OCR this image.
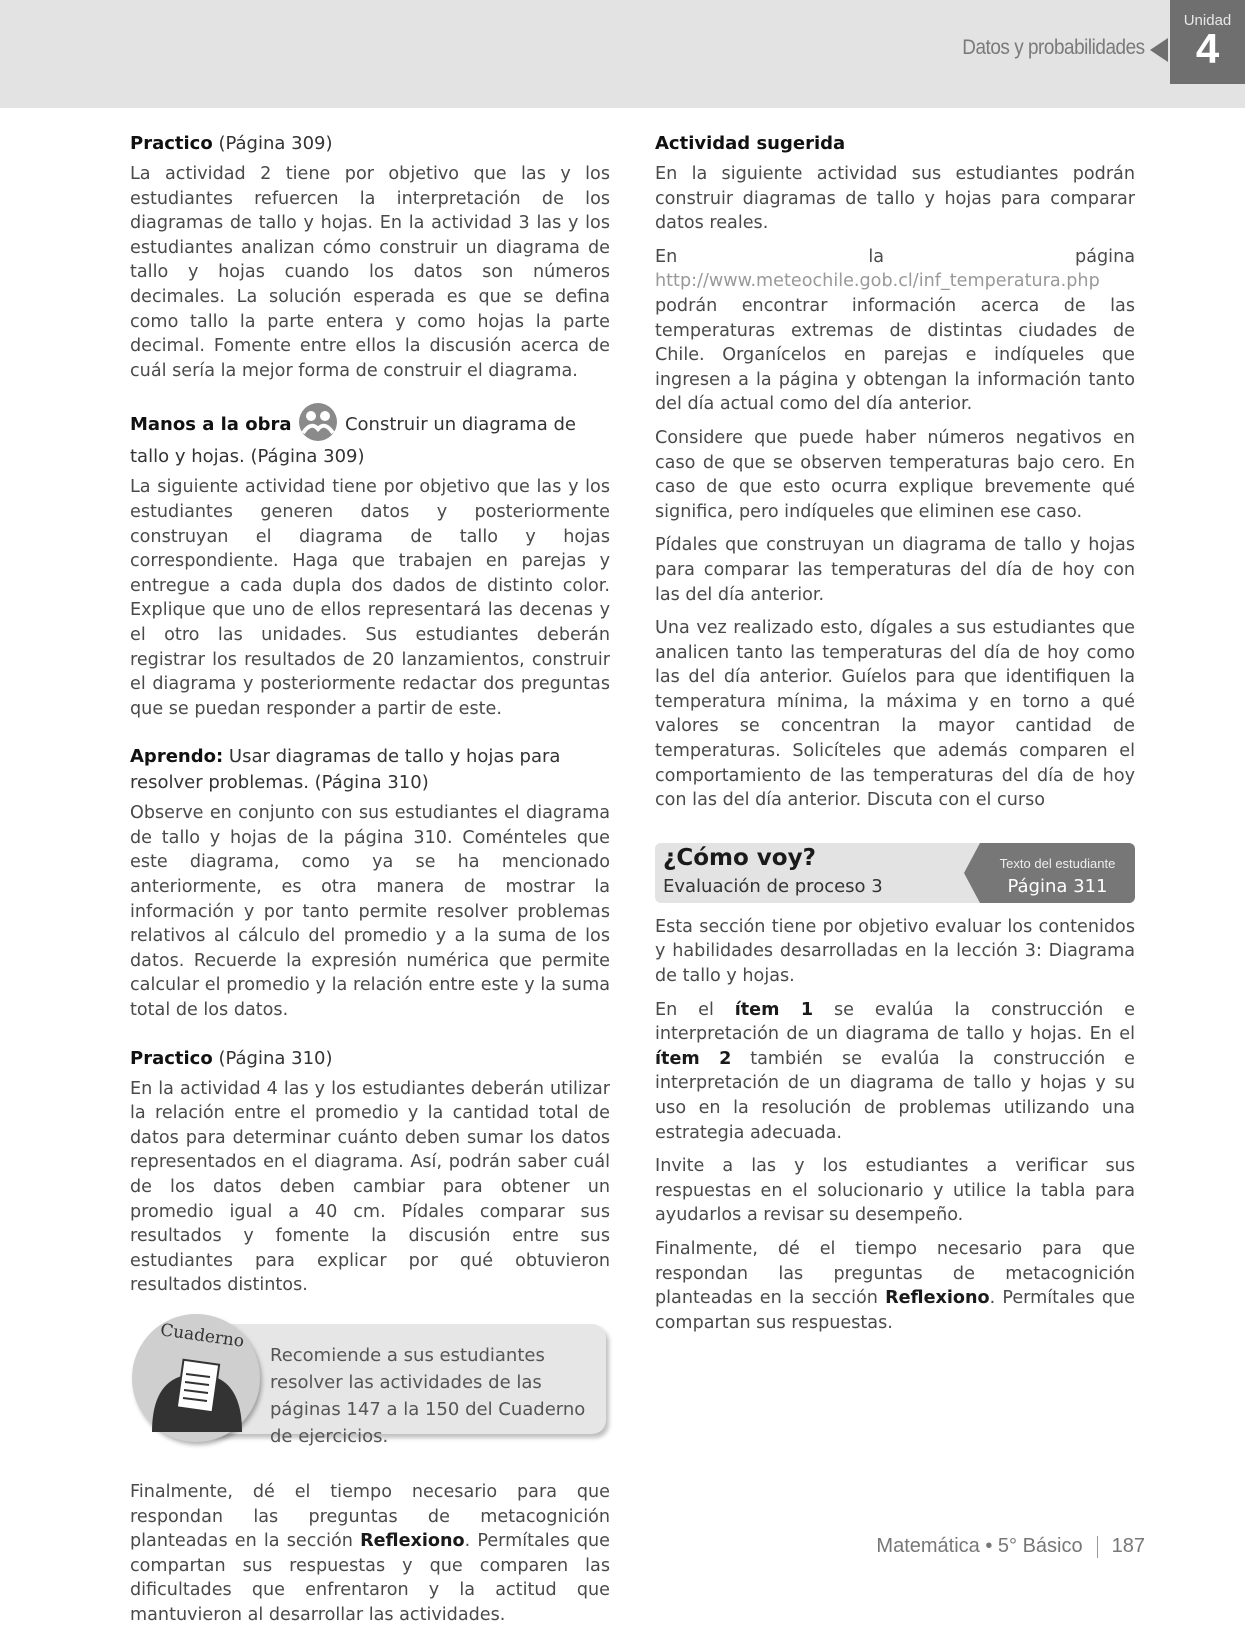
Datos y probabilidades
Unidad
4
Practico (Página 309)

La actividad 2 tiene por objetivo que las y los estudiantes refuercen la interpretación de los diagramas de tallo y hojas. En la actividad 3 las y los estudiantes analizan cómo construir un diagrama de tallo y hojas cuando los datos son números decimales. La solución esperada es que se defina como tallo la parte entera y como hojas la parte decimal. Fomente entre ellos la discusión acerca de cuál sería la mejor forma de construir el diagrama.

Manos a la obra	Construir un diagrama de tallo y hojas. (Página 309)

La siguiente actividad tiene por objetivo que las y los estudiantes generen datos y posteriormente construyan el diagrama de tallo y hojas correspondiente. Haga que trabajen en parejas y entregue a cada dupla dos dados de distinto color. Explique que uno de ellos representará las decenas y el otro las unidades. Sus estudiantes deberán registrar los resultados de 20 lanzamientos, construir el diagrama y posteriormente redactar dos preguntas que se puedan responder a partir de este.

Aprendo: Usar diagramas de tallo y hojas para resolver problemas. (Página 310)

Observe en conjunto con sus estudiantes el diagrama de tallo y hojas de la página 310. Coménteles que este diagrama, como ya se ha mencionado anteriormente, es otra manera de mostrar la información y por tanto permite resolver problemas relativos al cálculo del promedio y a la suma de los datos. Recuerde la expresión numérica que permite calcular el promedio y la relación entre este y la suma total de los datos.

Practico (Página 310)

En la actividad 4 las y los estudiantes deberán utilizar la relación entre el promedio y la cantidad total de datos para determinar cuánto deben sumar los datos representados en el diagrama. Así, podrán saber cuál de los datos deben cambiar para obtener un promedio igual a 40 cm. Pídales comparar sus resultados y fomente la discusión entre sus estudiantes para explicar por qué obtuvieron resultados distintos.

Recomiende a sus estudiantes resolver las actividades de las páginas 147 a la 150 del Cuaderno de ejercicios.
Cuaderno

Finalmente, dé el tiempo necesario para que respondan las preguntas de metacognición planteadas en la sección Reflexiono. Permítales que compartan sus respuestas y que comparen las dificultades que enfrentaron y la actitud que mantuvieron al desarrollar las actividades.

Actividad sugerida

En la siguiente actividad sus estudiantes podrán construir diagramas de tallo y hojas para comparar datos reales.

En la página http://www.meteochile.gob.cl/inf_temperatura.php podrán encontrar información acerca de las temperaturas extremas de distintas ciudades de Chile. Organícelos en parejas e indíqueles que ingresen a la página y obtengan la información tanto del día actual como del día anterior.

Considere que puede haber números negativos en caso de que se observen temperaturas bajo cero. En caso de que esto ocurra explique brevemente qué significa, pero indíqueles que eliminen ese caso.

Pídales que construyan un diagrama de tallo y hojas para comparar las temperaturas del día de hoy con las del día anterior.

Una vez realizado esto, dígales a sus estudiantes que analicen tanto las temperaturas del día de hoy como las del día anterior. Guíelos para que identifiquen la temperatura mínima, la máxima y en torno a qué valores se concentran la mayor cantidad de temperaturas. Solicíteles que además comparen el comportamiento de las temperaturas del día de hoy con las del día anterior. Discuta con el curso

¿Cómo voy?
Evaluación de proceso 3
Texto del estudiante
Página 311

Esta sección tiene por objetivo evaluar los contenidos y habilidades desarrolladas en la lección 3: Diagrama de tallo y hojas.

En el ítem 1 se evalúa la construcción e interpretación de un diagrama de tallo y hojas. En el ítem 2 también se evalúa la construcción e interpretación de un diagrama de tallo y hojas y su uso en la resolución de problemas utilizando una estrategia adecuada.

Invite a las y los estudiantes a verificar sus respuestas en el solucionario y utilice la tabla para ayudarlos a revisar su desempeño.

Finalmente, dé el tiempo necesario para que respondan las preguntas de metacognición planteadas en la sección Reflexiono. Permítales que compartan sus respuestas.

Matemática • 5° Básico 187
